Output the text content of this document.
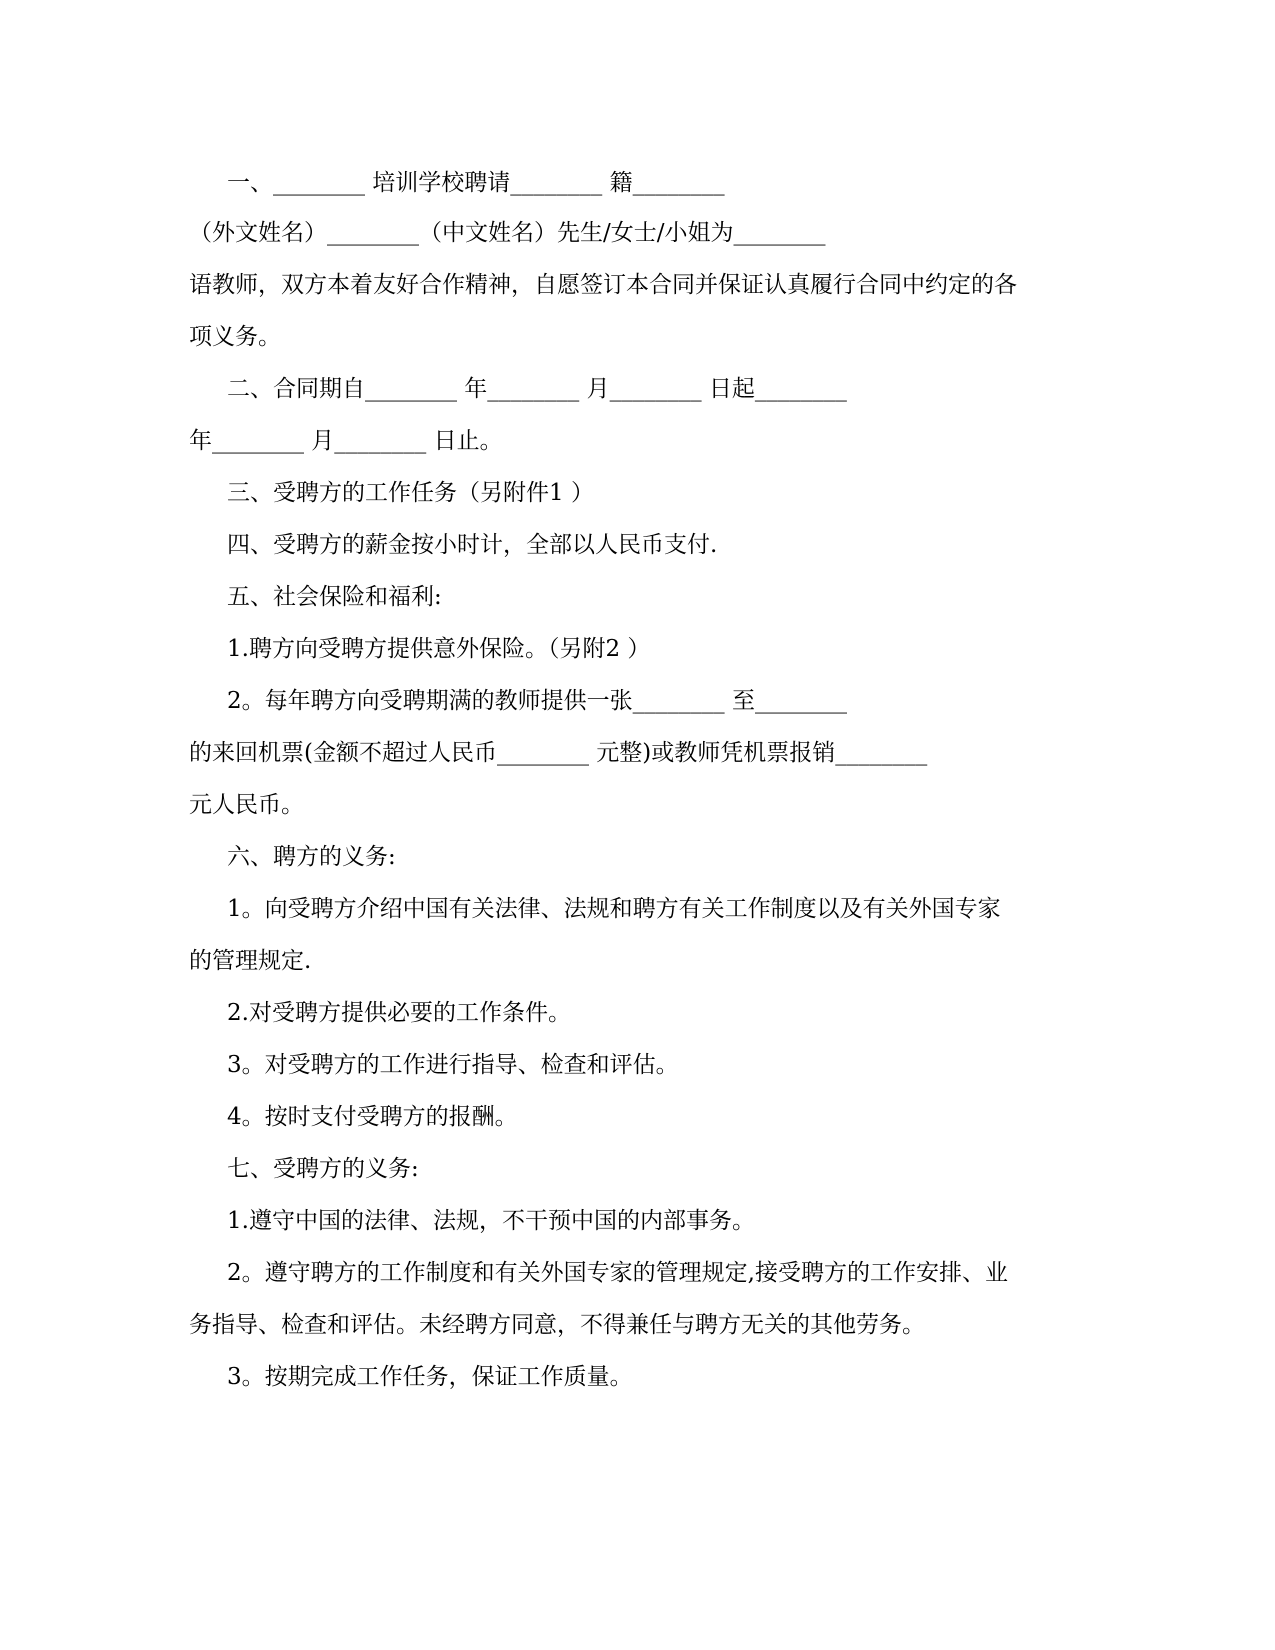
一、________ 培训学校聘请________ 籍________
（外文姓名）________（中文姓名）先生/女士/小姐为________
语教师，双方本着友好合作精神，自愿签订本合同并保证认真履行合同中约定的各
项义务。
二、合同期自________ 年________ 月________ 日起________
年________ 月________ 日止。
三、受聘方的工作任务（另附件1 ）
四、受聘方的薪金按小时计，全部以人民币支付.
五、社会保险和福利:
1.聘方向受聘方提供意外保险。（另附2 ）
2。每年聘方向受聘期满的教师提供一张________ 至________
的来回机票(金额不超过人民币________ 元整)或教师凭机票报销________
元人民币。
六、聘方的义务:
1。向受聘方介绍中国有关法律、法规和聘方有关工作制度以及有关外国专家
的管理规定.
2.对受聘方提供必要的工作条件。
3。对受聘方的工作进行指导、检查和评估。
4。按时支付受聘方的报酬。
七、受聘方的义务:
1.遵守中国的法律、法规，不干预中国的内部事务。
2。遵守聘方的工作制度和有关外国专家的管理规定,接受聘方的工作安排、业
务指导、检查和评估。未经聘方同意，不得兼任与聘方无关的其他劳务。
3。按期完成工作任务，保证工作质量。
